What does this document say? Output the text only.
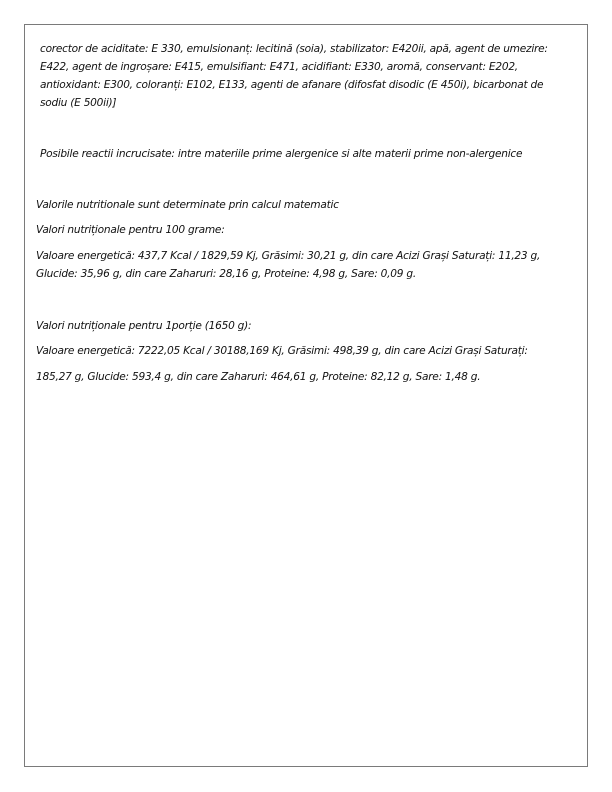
corector de aciditate: E 330, emulsionanț: lecitină (soia), stabilizator: E420ii, apă, agent de umezire:
E422, agent de ingroșare: E415, emulsifiant: E471, acidifiant: E330, aromă, conservant: E202,
antioxidant: E300, coloranți: E102, E133, agenti de afanare (difosfat disodic (E 450i), bicarbonat de
sodiu (E 500ii)]

Posibile reactii incrucisate: intre materiile prime alergenice si alte materii prime non-alergenice

Valorile nutritionale sunt determinate prin calcul matematic

Valori nutriționale pentru 100 grame:

Valoare energetică: 437,7 Kcal / 1829,59 Kj, Grăsimi: 30,21 g, din care Acizi Grași Saturați: 11,23 g,
Glucide: 35,96 g, din care Zaharuri: 28,16 g, Proteine: 4,98 g, Sare: 0,09 g.

Valori nutriționale pentru 1porție (1650 g):

Valoare energetică: 7222,05 Kcal / 30188,169 Kj, Grăsimi: 498,39 g, din care Acizi Grași Saturați:

185,27 g, Glucide: 593,4 g, din care Zaharuri: 464,61 g, Proteine: 82,12 g, Sare: 1,48 g.
